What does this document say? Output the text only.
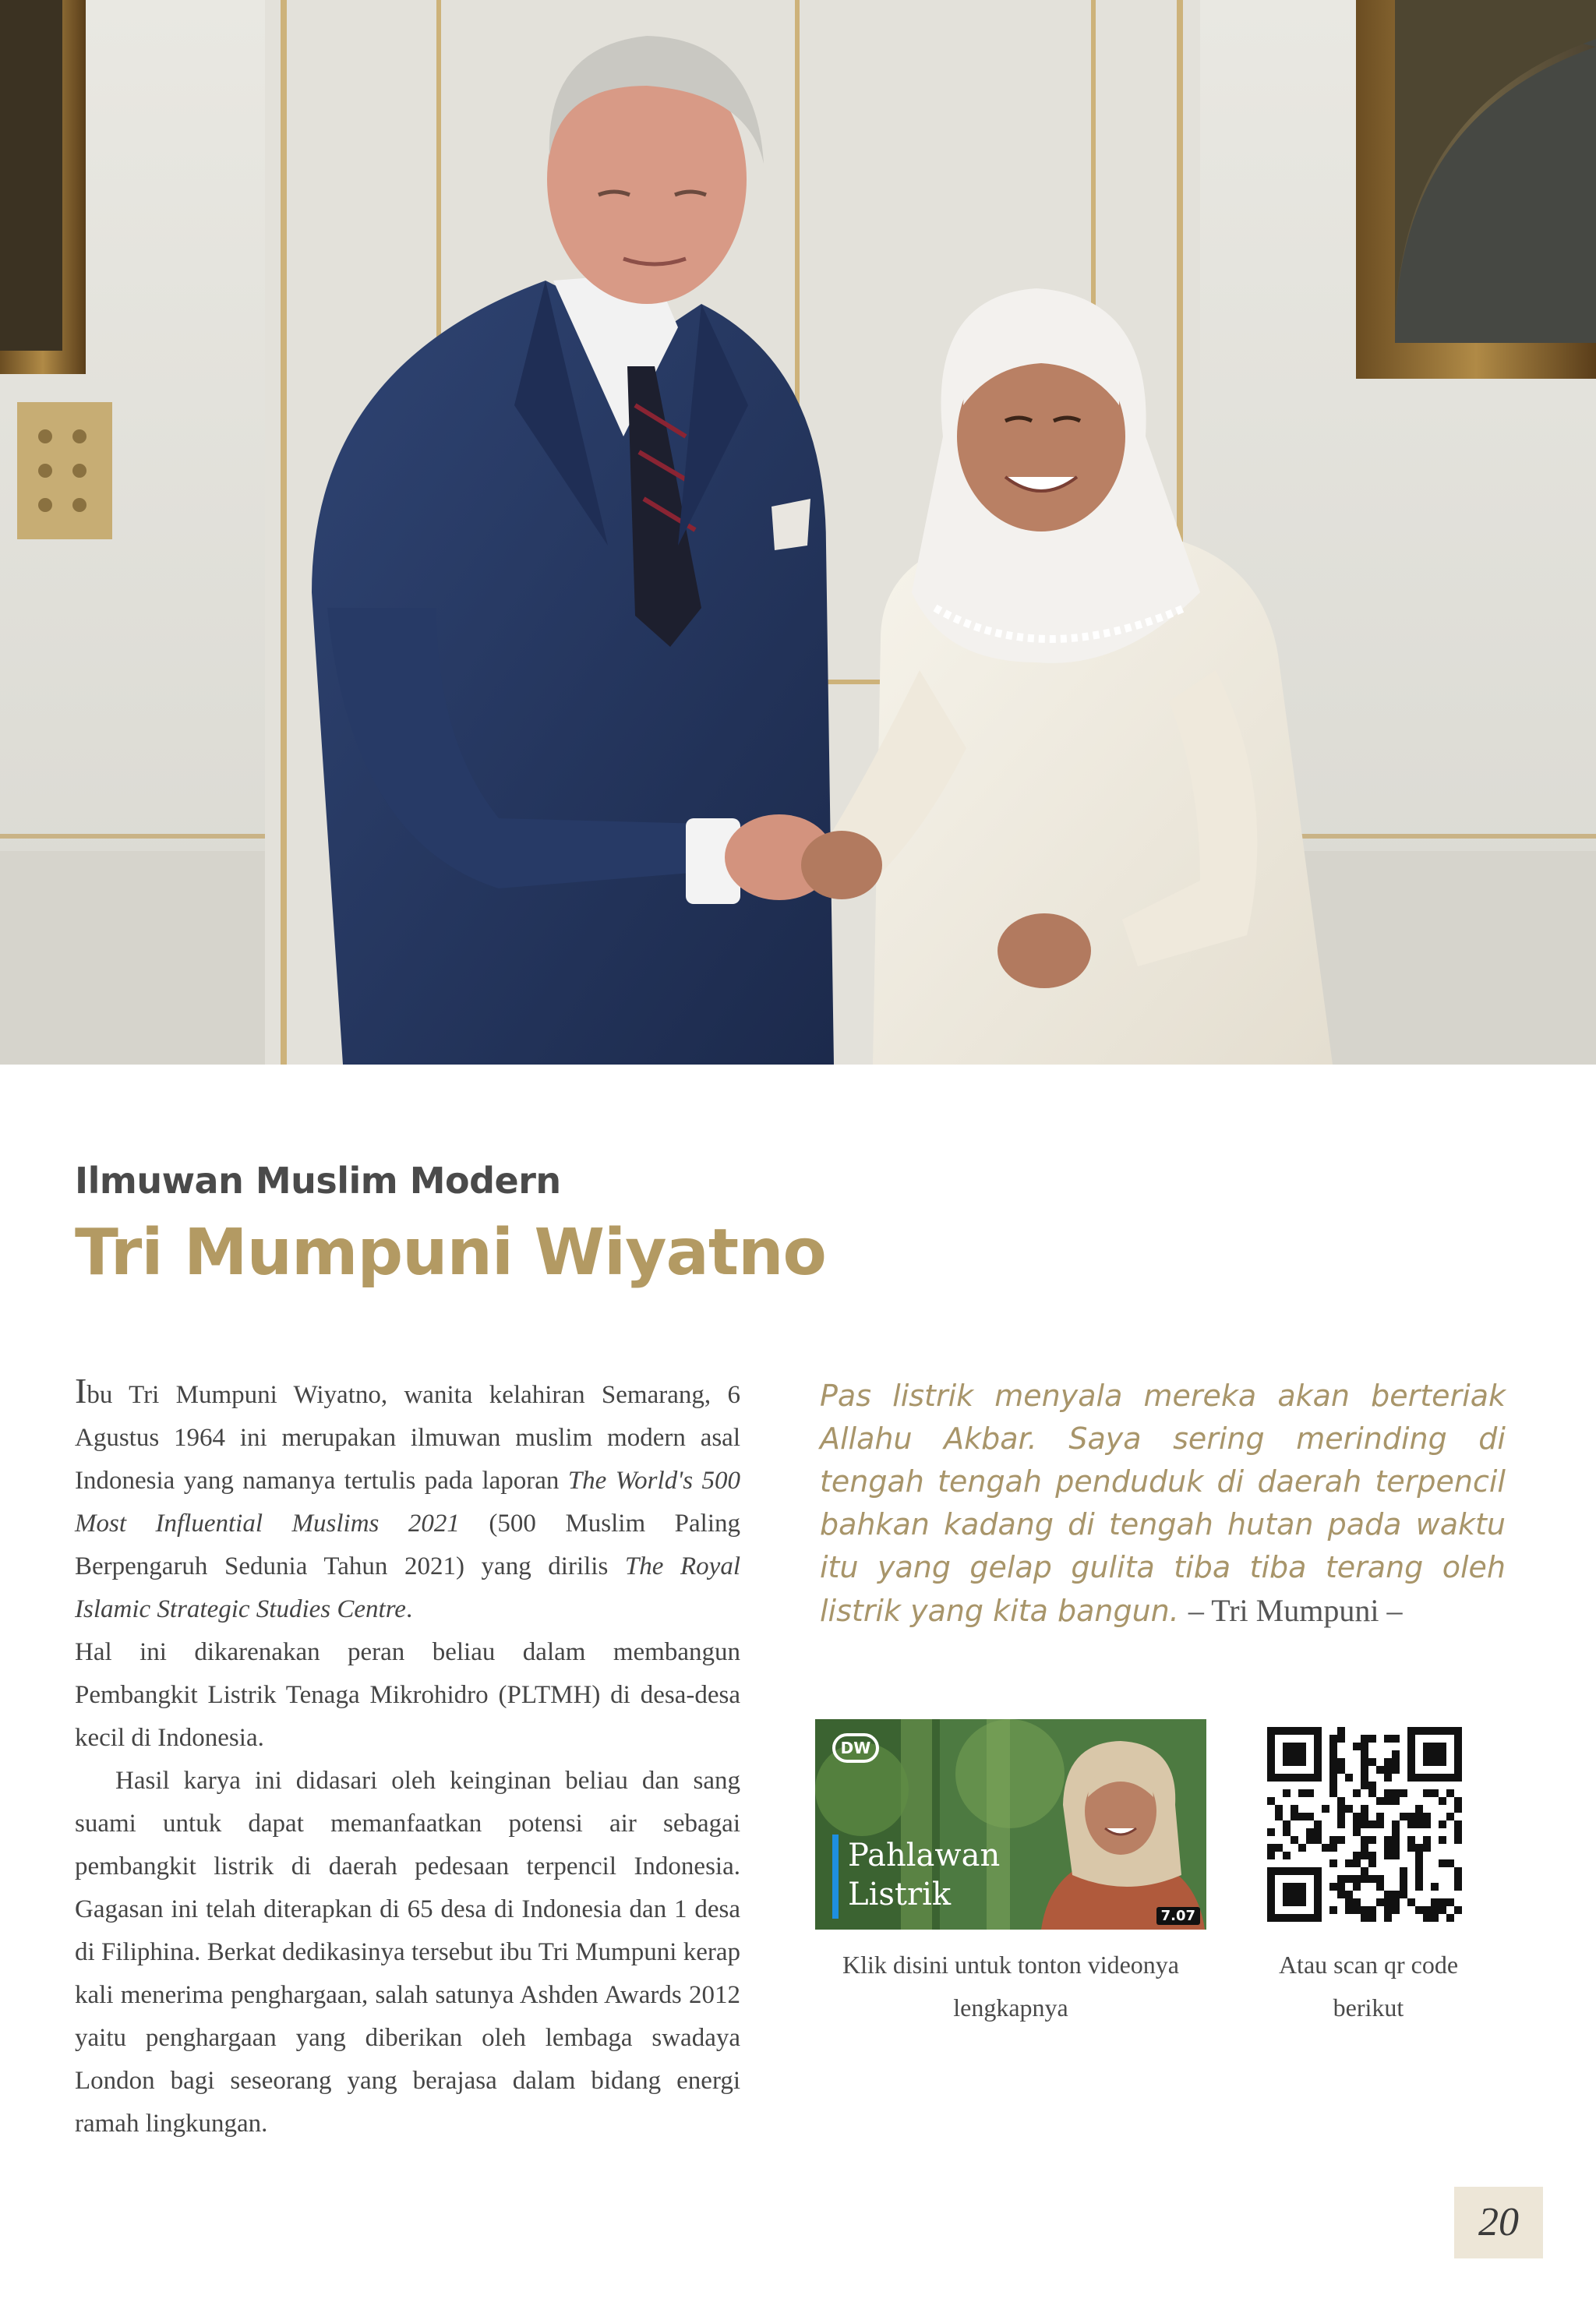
Ilmuwan Muslim Modern
Tri Mumpuni Wiyatno

Ibu Tri Mumpuni Wiyatno, wanita kelahiran Semarang, 6 Agustus 1964 ini merupakan ilmuwan muslim modern asal Indonesia yang namanya tertulis pada laporan The World's 500 Most Influential Muslims 2021 (500 Muslim Paling Berpengaruh Sedunia Tahun 2021) yang dirilis The Royal Islamic Strategic Studies Centre.

Hal ini dikarenakan peran beliau dalam membangun Pembangkit Listrik Tenaga Mikrohidro (PLTMH) di desa-desa kecil di Indonesia.

Hasil karya ini didasari oleh keinginan beliau dan sang suami untuk dapat memanfaatkan potensi air sebagai pembangkit listrik di daerah pedesaan terpencil Indonesia. Gagasan ini telah diterapkan di 65 desa di Indonesia dan 1 desa di Filiphina. Berkat dedikasinya tersebut ibu Tri Mumpuni kerap kali menerima penghargaan, salah satunya Ashden Awards 2012 yaitu penghargaan yang diberikan oleh lembaga swadaya London bagi seseorang yang berajasa dalam bidang energi ramah lingkungan.

Pas listrik menyala mereka akan berteriak Allahu Akbar. Saya sering merinding di tengah tengah penduduk di daerah terpencil bahkan kadang di tengah hutan pada waktu itu yang gelap gulita tiba tiba terang oleh listrik yang kita bangun. – Tri Mumpuni –
DW
Pahlawan Listrik
7.07
Klik disini untuk tonton videonya lengkapnya
Atau scan qr code berikut
20
